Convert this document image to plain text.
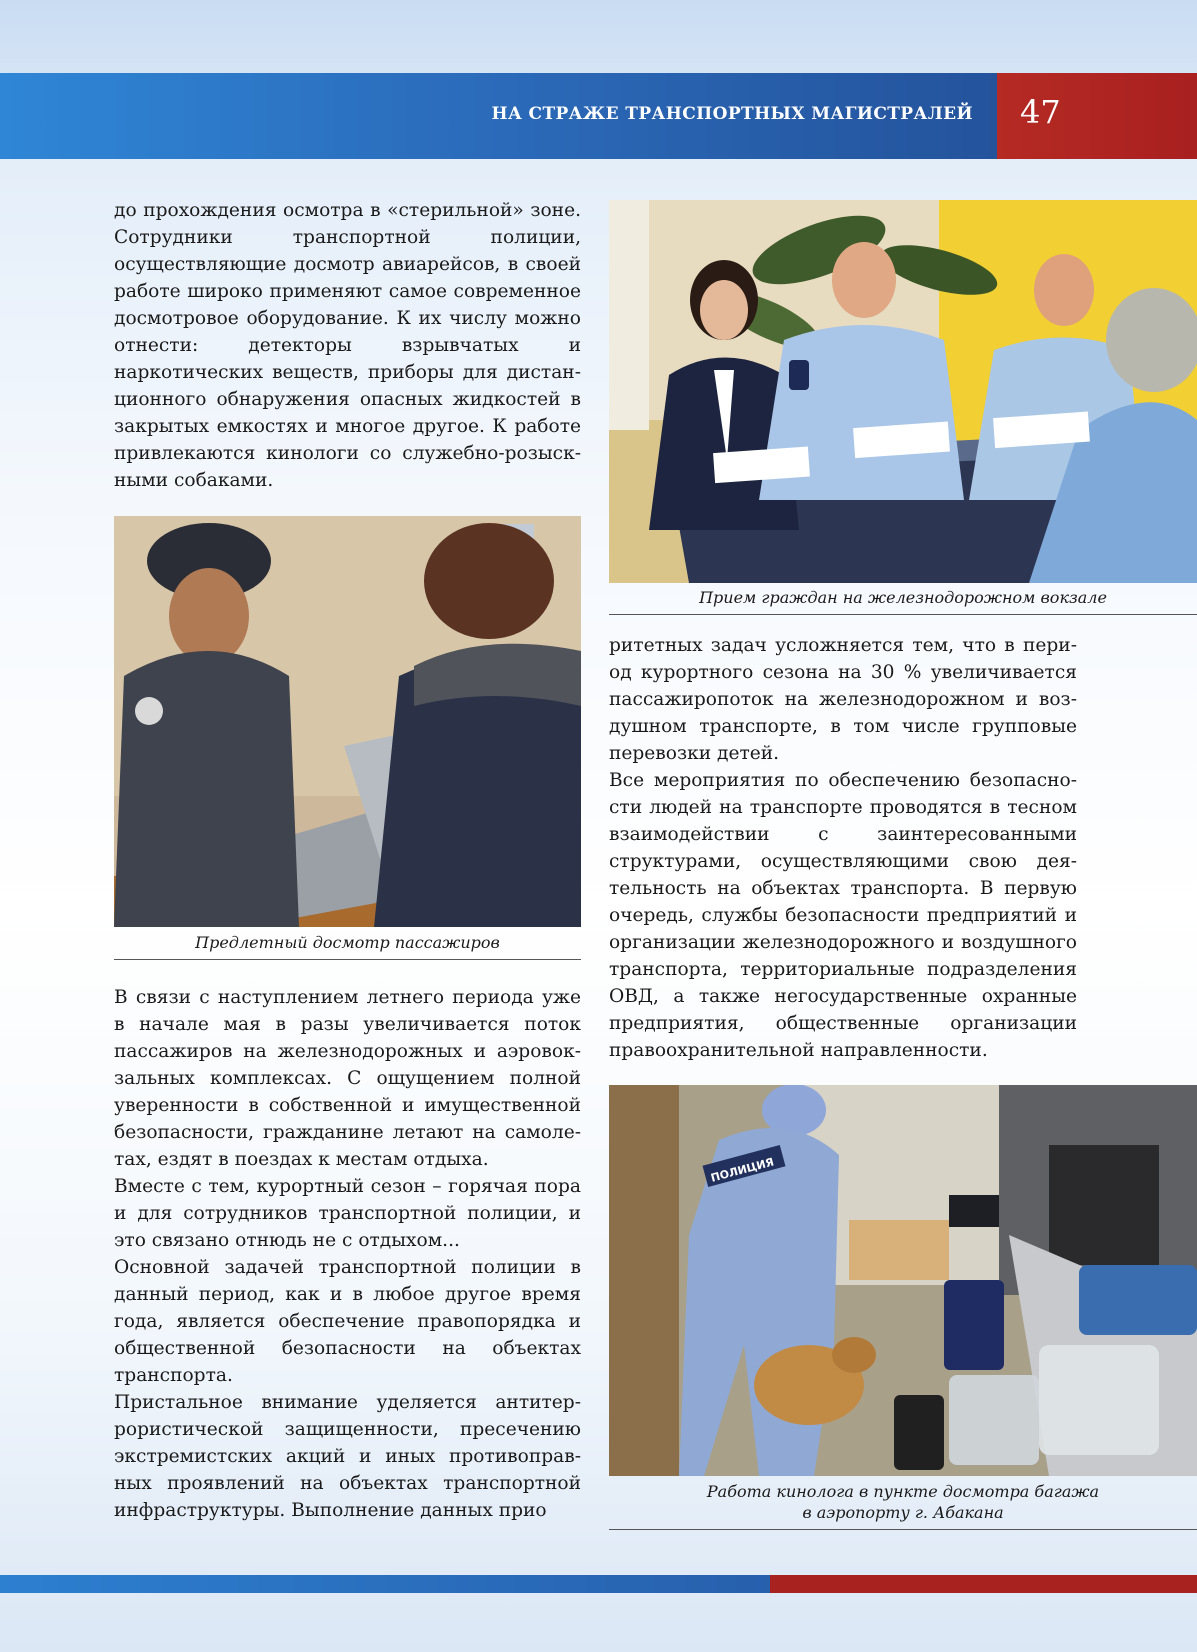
НА СТРАЖЕ ТРАНСПОРТНЫХ МАГИСТРАЛЕЙ 47

до прохождения осмотра в «стерильной» зоне. Сотрудники транспортной полиции, осуществляющие досмотр авиарейсов, в своей работе широко применяют самое современное досмотровое оборудование. К их числу можно отнести: детекторы взрывчатых и наркотических веществ, приборы для дистанционного обнаружения опасных жидкостей в закрытых емкостях и многое другое. К работе привлекаются кинологи со служебно-розыскными собаками.

Прием граждан на железнодорожном вокзале
Предлетный досмотр пассажиров

В связи с наступлением летнего периода уже в начале мая в разы увеличивается поток пассажиров на железнодорожных и аэровокзальных комплексах. С ощущением полной уверенности в собственной и имущественной безопасности, гражданине летают на самолетах, ездят в поездах к местам отдыха.

Вместе с тем, курортный сезон – горячая пора и для сотрудников транспортной полиции, и это связано отнюдь не с отдыхом...

Основной задачей транспортной полиции в данный период, как и в любое другое время года, является обеспечение правопорядка и общественной безопасности на объектах транспорта.

Пристальное внимание уделяется антитеррористической защищенности, пресечению экстремистских акций и иных противоправных проявлений на объектах транспортной инфраструктуры. Выполнение данных прио

ритетных задач усложняется тем, что в период курортного сезона на 30 % увеличивается пассажиропоток на железнодорожном и воздушном транспорте, в том числе групповые перевозки детей.

Все мероприятия по обеспечению безопасности людей на транспорте проводятся в тесном взаимодействии с заинтересованными структурами, осуществляющими свою деятельность на объектах транспорта. В первую очередь, службы безопасности предприятий и организации железнодорожного и воздушного транспорта, территориальные подразделения ОВД, а также негосударственные охранные предприятия, общественные организации правоохранительной направленности.

ПОЛИЦИЯ
Работа кинолога в пункте досмотра багажа
в аэропорту г. Абакана
